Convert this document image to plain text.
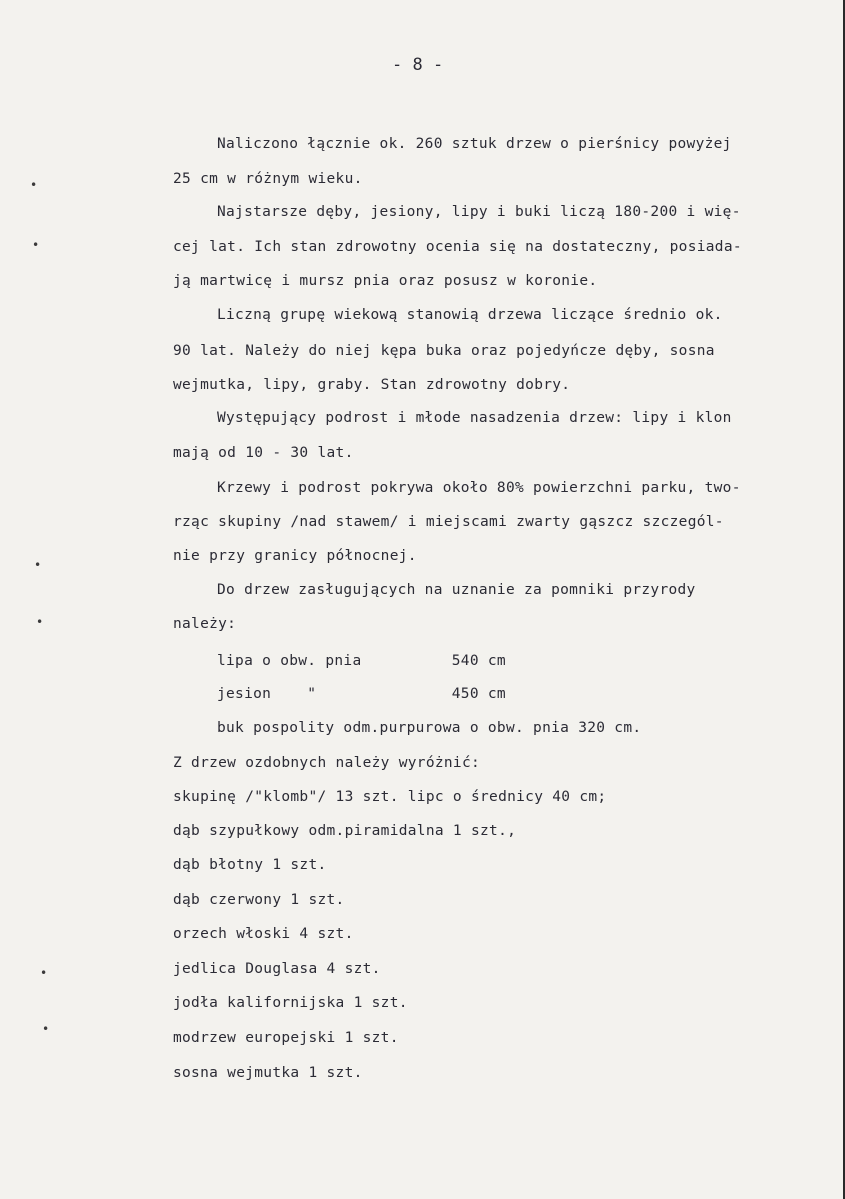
- 8 -
•
•
•
•
•
•
Naliczono łącznie ok. 260 sztuk drzew o pierśnicy powyżej
25 cm w różnym wieku.
Najstarsze dęby, jesiony, lipy i buki liczą 180-200 i wię-
cej lat. Ich stan zdrowotny ocenia się na dostateczny, posiada-
ją martwicę i mursz pnia oraz posusz w koronie.
Liczną grupę wiekową stanowią drzewa liczące średnio ok.
90 lat. Należy do niej kępa buka oraz pojedyńcze dęby, sosna
wejmutka, lipy, graby. Stan zdrowotny dobry.
Występujący podrost i młode nasadzenia drzew: lipy i klon
mają od 10 - 30 lat.
Krzewy i podrost pokrywa około 80% powierzchni parku, two-
rząc skupiny /nad stawem/ i miejscami zwarty gąszcz szczegól-
nie przy granicy północnej.
Do drzew zasługujących na uznanie za pomniki przyrody
należy:
lipa o obw. pnia          540 cm
jesion    "               450 cm
buk pospolity odm.purpurowa o obw. pnia 320 cm.
Z drzew ozdobnych należy wyróżnić:
skupinę /"klomb"/ 13 szt. lipc o średnicy 40 cm;
dąb szypułkowy odm.piramidalna 1 szt.,
dąb błotny 1 szt.
dąb czerwony 1 szt.
orzech włoski 4 szt.
jedlica Douglasa 4 szt.
jodła kalifornijska 1 szt.
modrzew europejski 1 szt.
sosna wejmutka 1 szt.
